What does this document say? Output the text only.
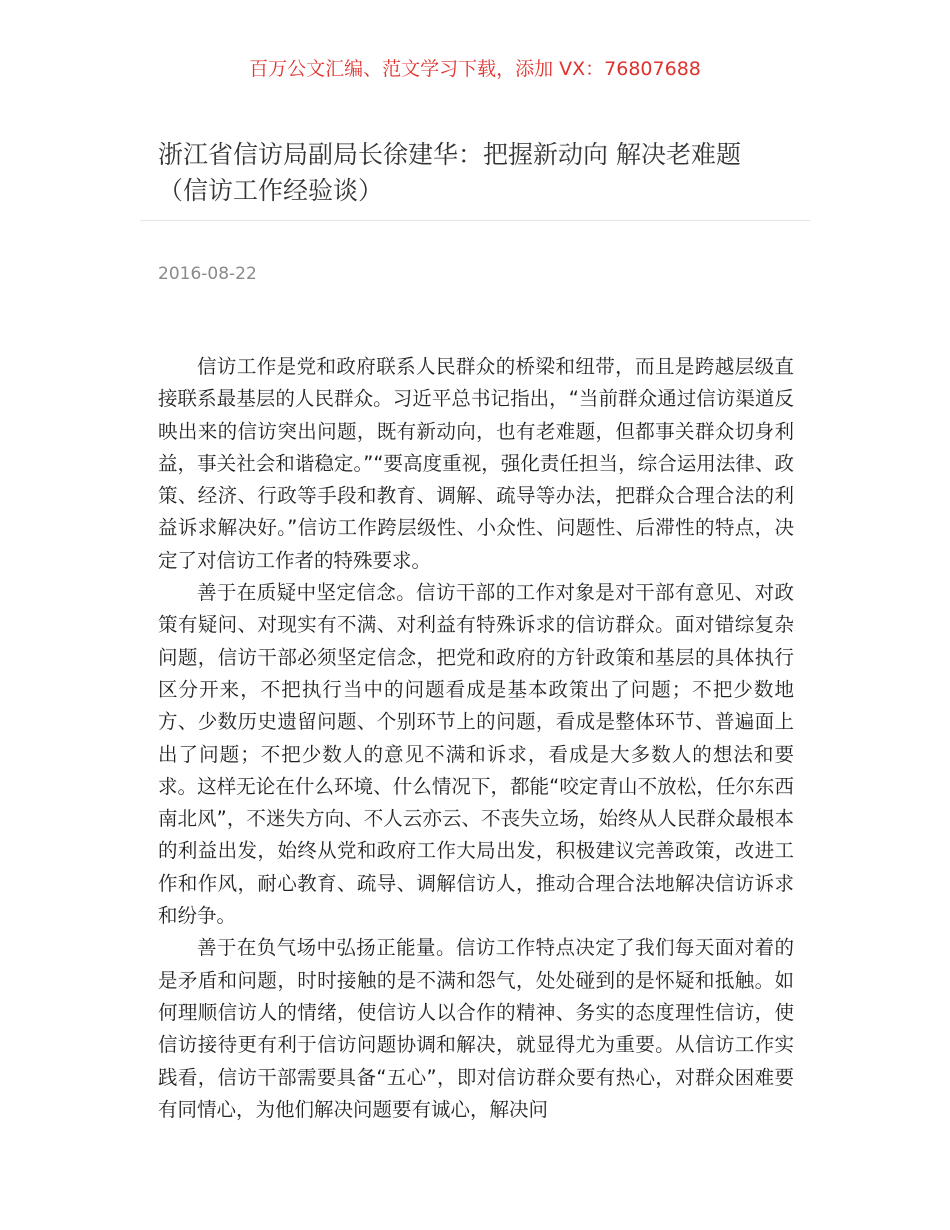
百万公文汇编、范文学习下载，添加 VX：76807688
浙江省信访局副局长徐建华：把握新动向 解决老难题
（信访工作经验谈）
2016-08-22

信访工作是党和政府联系人民群众的桥梁和纽带，而且是跨越层级直接联系最基层的人民群众。习近平总书记指出，“当前群众通过信访渠道反映出来的信访突出问题，既有新动向，也有老难题，但都事关群众切身利益，事关社会和谐稳定。”“要高度重视，强化责任担当，综合运用法律、政策、经济、行政等手段和教育、调解、疏导等办法，把群众合理合法的利益诉求解决好。”信访工作跨层级性、小众性、问题性、后滞性的特点，决定了对信访工作者的特殊要求。

善于在质疑中坚定信念。信访干部的工作对象是对干部有意见、对政策有疑问、对现实有不满、对利益有特殊诉求的信访群众。面对错综复杂问题，信访干部必须坚定信念，把党和政府的方针政策和基层的具体执行区分开来，不把执行当中的问题看成是基本政策出了问题；不把少数地方、少数历史遗留问题、个别环节上的问题，看成是整体环节、普遍面上出了问题；不把少数人的意见不满和诉求，看成是大多数人的想法和要求。这样无论在什么环境、什么情况下，都能“咬定青山不放松，任尔东西南北风”，不迷失方向、不人云亦云、不丧失立场，始终从人民群众最根本的利益出发，始终从党和政府工作大局出发，积极建议完善政策，改进工作和作风，耐心教育、疏导、调解信访人，推动合理合法地解决信访诉求和纷争。

善于在负气场中弘扬正能量。信访工作特点决定了我们每天面对着的是矛盾和问题，时时接触的是不满和怨气，处处碰到的是怀疑和抵触。如何理顺信访人的情绪，使信访人以合作的精神、务实的态度理性信访，使信访接待更有利于信访问题协调和解决，就显得尤为重要。从信访工作实践看，信访干部需要具备“五心”，即对信访群众要有热心，对群众困难要有同情心，为他们解决问题要有诚心，解决问
